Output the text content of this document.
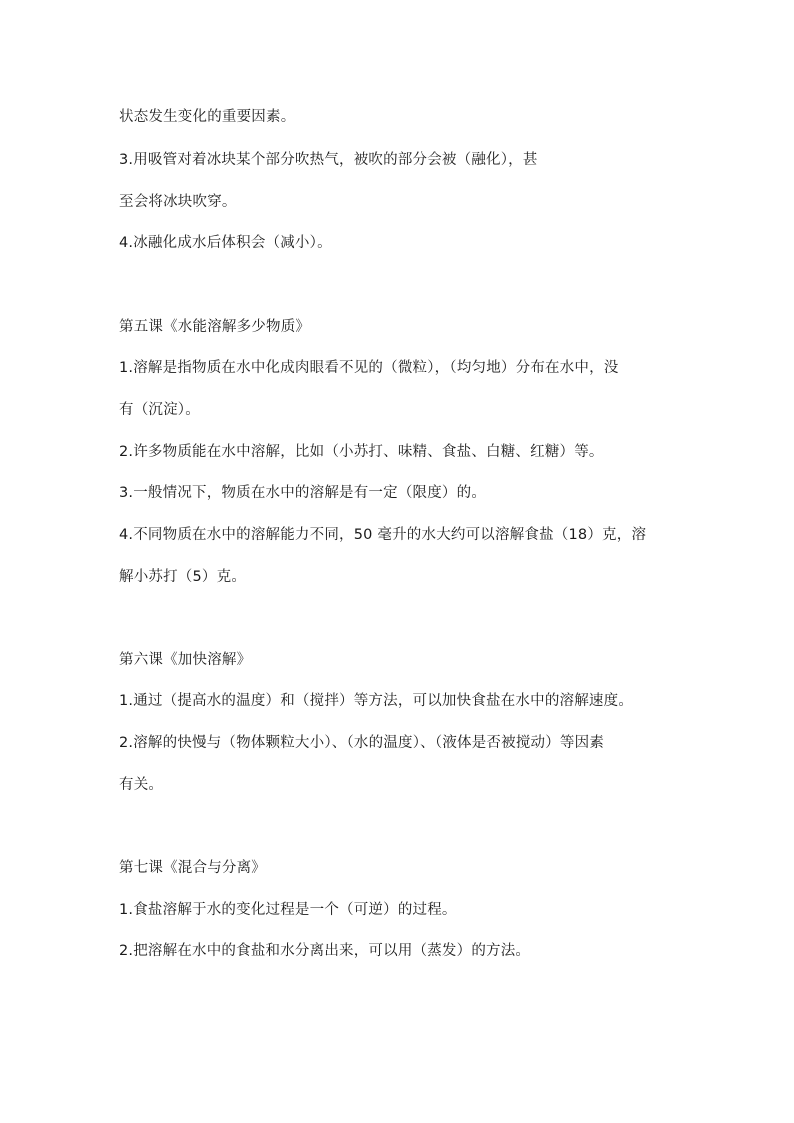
状态发生变化的重要因素。
3.用吸管对着冰块某个部分吹热气，被吹的部分会被（融化），甚
至会将冰块吹穿。
4.冰融化成水后体积会（减小）。
第五课《水能溶解多少物质》
1.溶解是指物质在水中化成肉眼看不见的（微粒），（均匀地）分布在水中，没
有（沉淀）。
2.许多物质能在水中溶解，比如（小苏打、味精、食盐、白糖、红糖）等。
3.一般情况下，物质在水中的溶解是有一定（限度）的。
4.不同物质在水中的溶解能力不同，50 毫升的水大约可以溶解食盐（18）克，溶
解小苏打（5）克。
第六课《加快溶解》
1.通过（提高水的温度）和（搅拌）等方法，可以加快食盐在水中的溶解速度。
2.溶解的快慢与（物体颗粒大小）、（水的温度）、（液体是否被搅动）等因素
有关。
第七课《混合与分离》
1.食盐溶解于水的变化过程是一个（可逆）的过程。
2.把溶解在水中的食盐和水分离出来，可以用（蒸发）的方法。
